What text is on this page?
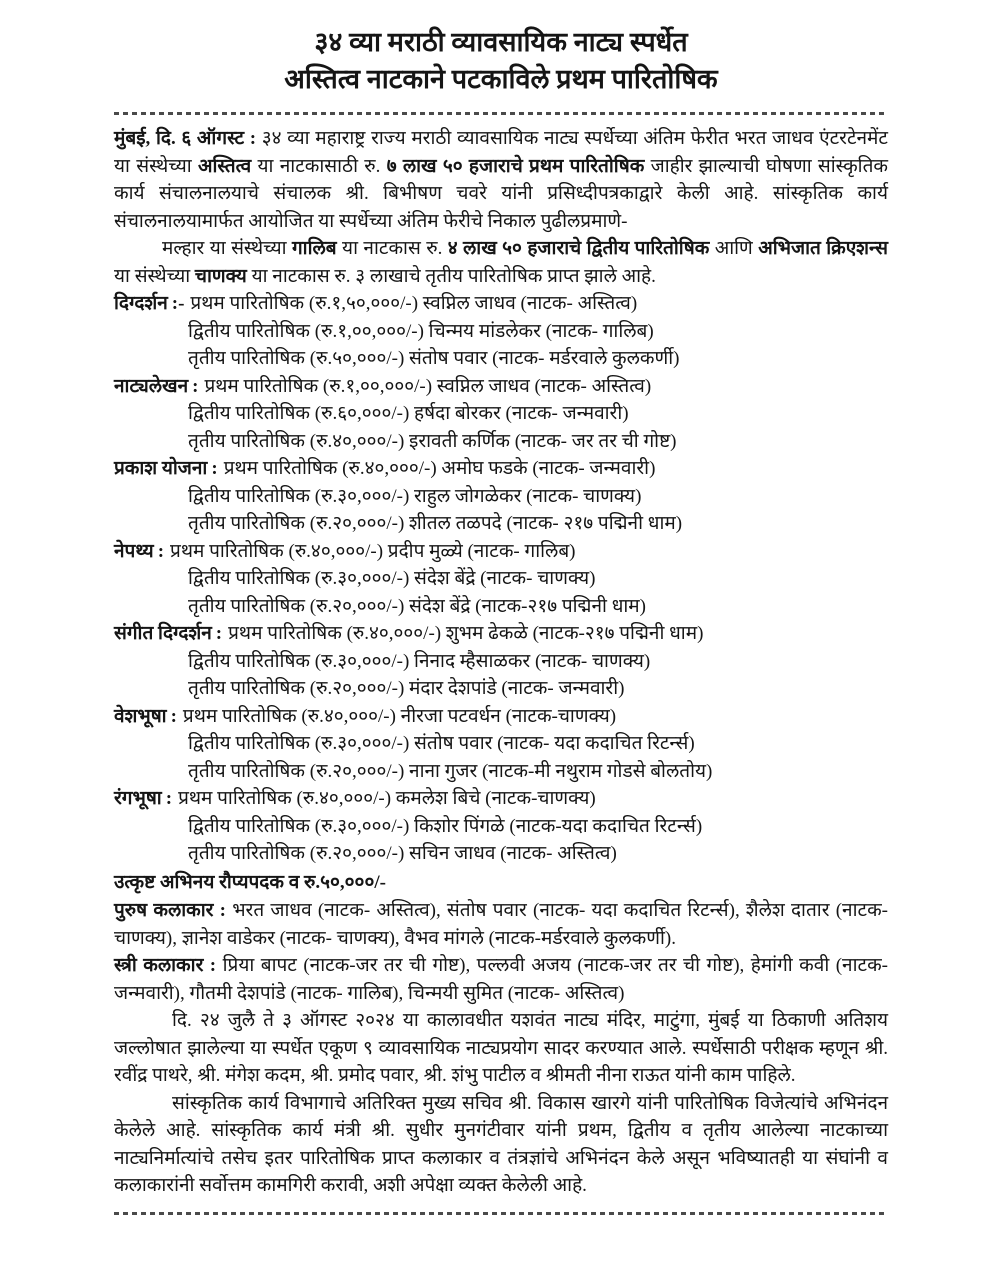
३४ व्या मराठी व्यावसायिक नाट्य स्पर्धेत
अस्तित्व नाटकाने पटकाविले प्रथम पारितोषिक

मुंबई, दि. ६ ऑगस्ट : ३४ व्या महाराष्ट्र राज्य मराठी व्यावसायिक नाट्य स्पर्धेच्या अंतिम फेरीत भरत जाधव एंटरटेनमेंट या संस्थेच्या अस्तित्व या नाटकासाठी रु. ७ लाख ५० हजाराचे प्रथम पारितोषिक जाहीर झाल्याची घोषणा सांस्कृतिक कार्य संचालनालयाचे संचालक श्री. बिभीषण चवरे यांनी प्रसिध्दीपत्रकाद्वारे केली आहे. सांस्कृतिक कार्य संचालनालयामार्फत आयोजित या स्पर्धेच्या अंतिम फेरीचे निकाल पुढीलप्रमाणे-

मल्हार या संस्थेच्या गालिब या नाटकास रु. ४ लाख ५० हजाराचे द्वितीय पारितोषिक आणि अभिजात क्रिएशन्स या संस्थेच्या चाणक्य या नाटकास रु. ३ लाखाचे तृतीय पारितोषिक प्राप्त झाले आहे.

दिग्दर्शन :- प्रथम पारितोषिक (रु.१,५०,०००/-) स्वप्निल जाधव (नाटक- अस्तित्व)

द्वितीय पारितोषिक (रु.१,००,०००/-) चिन्मय मांडलेकर (नाटक- गालिब)

तृतीय पारितोषिक (रु.५०,०००/-) संतोष पवार (नाटक- मर्डरवाले कुलकर्णी)

नाट्यलेखन : प्रथम पारितोषिक (रु.१,००,०००/-) स्वप्निल जाधव (नाटक- अस्तित्व)

द्वितीय पारितोषिक (रु.६०,०००/-) हर्षदा बोरकर (नाटक- जन्मवारी)

तृतीय पारितोषिक (रु.४०,०००/-) इरावती कर्णिक (नाटक- जर तर ची गोष्ट)

प्रकाश योजना : प्रथम पारितोषिक (रु.४०,०००/-) अमोघ फडके (नाटक- जन्मवारी)

द्वितीय पारितोषिक (रु.३०,०००/-) राहुल जोगळेकर (नाटक- चाणक्य)

तृतीय पारितोषिक (रु.२०,०००/-) शीतल तळपदे (नाटक- २१७ पद्मिनी धाम)

नेपथ्य : प्रथम पारितोषिक (रु.४०,०००/-) प्रदीप मुळ्ये (नाटक- गालिब)

द्वितीय पारितोषिक (रु.३०,०००/-) संदेश बेंद्रे (नाटक- चाणक्य)

तृतीय पारितोषिक (रु.२०,०००/-) संदेश बेंद्रे (नाटक-२१७ पद्मिनी धाम)

संगीत दिग्दर्शन : प्रथम पारितोषिक (रु.४०,०००/-) शुभम ढेकळे (नाटक-२१७ पद्मिनी धाम)

द्वितीय पारितोषिक (रु.३०,०००/-) निनाद म्हैसाळकर (नाटक- चाणक्य)

तृतीय पारितोषिक (रु.२०,०००/-) मंदार देशपांडे (नाटक- जन्मवारी)

वेशभूषा : प्रथम पारितोषिक (रु.४०,०००/-) नीरजा पटवर्धन (नाटक-चाणक्य)

द्वितीय पारितोषिक (रु.३०,०००/-) संतोष पवार (नाटक- यदा कदाचित रिटर्न्स)

तृतीय पारितोषिक (रु.२०,०००/-) नाना गुजर (नाटक-मी नथुराम गोडसे बोलतोय)

रंगभूषा : प्रथम पारितोषिक (रु.४०,०००/-) कमलेश बिचे (नाटक-चाणक्य)

द्वितीय पारितोषिक (रु.३०,०००/-) किशोर पिंगळे (नाटक-यदा कदाचित रिटर्न्स)

तृतीय पारितोषिक (रु.२०,०००/-) सचिन जाधव (नाटक- अस्तित्व)

उत्कृष्ट अभिनय रौप्यपदक व रु.५०,०००/-

पुरुष कलाकार : भरत जाधव (नाटक- अस्तित्व), संतोष पवार (नाटक- यदा कदाचित रिटर्न्स), शैलेश दातार (नाटक- चाणक्य), ज्ञानेश वाडेकर (नाटक- चाणक्य), वैभव मांगले (नाटक-मर्डरवाले कुलकर्णी).

स्त्री कलाकार : प्रिया बापट (नाटक-जर तर ची गोष्ट), पल्लवी अजय (नाटक-जर तर ची गोष्ट), हेमांगी कवी (नाटक-जन्मवारी), गौतमी देशपांडे (नाटक- गालिब), चिन्मयी सुमित (नाटक- अस्तित्व)

दि. २४ जुलै ते ३ ऑगस्ट २०२४ या कालावधीत यशवंत नाट्य मंदिर, माटुंगा, मुंबई या ठिकाणी अतिशय जल्लोषात झालेल्या या स्पर्धेत एकूण ९ व्यावसायिक नाट्यप्रयोग सादर करण्यात आले. स्पर्धेसाठी परीक्षक म्हणून श्री. रवींद्र पाथरे, श्री. मंगेश कदम, श्री. प्रमोद पवार, श्री. शंभु पाटील व श्रीमती नीना राऊत यांनी काम पाहिले.

सांस्कृतिक कार्य विभागाचे अतिरिक्त मुख्य सचिव श्री. विकास खारगे यांनी पारितोषिक विजेत्यांचे अभिनंदन केलेले आहे. सांस्कृतिक कार्य मंत्री श्री. सुधीर मुनगंटीवार यांनी प्रथम, द्वितीय व तृतीय आलेल्या नाटकाच्या नाट्यनिर्मात्यांचे तसेच इतर पारितोषिक प्राप्त कलाकार व तंत्रज्ञांचे अभिनंदन केले असून भविष्यातही या संघांनी व कलाकारांनी सर्वोत्तम कामगिरी करावी, अशी अपेक्षा व्यक्त केलेली आहे.
